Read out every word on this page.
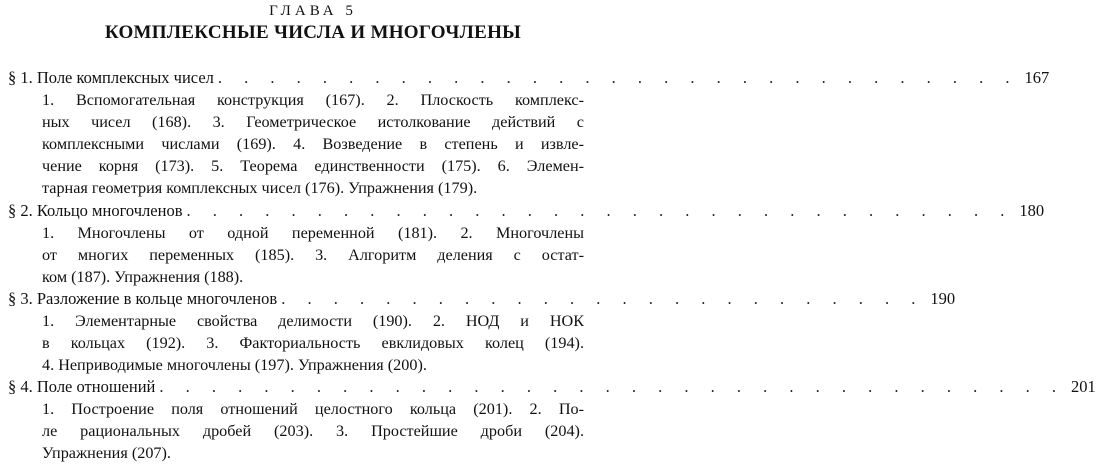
ГЛАВА 5
КОМПЛЕКСНЫЕ ЧИСЛА И МНОГОЧЛЕНЫ
§ 1. Поле комплексных чисел . . . . . . . . . . . . . . . . . . . . . . . . . . . . . . . 167
1. Вспомогательная конструкция (167). 2. Плоскость комплекс-
ных чисел (168). 3. Геометрическое истолкование действий с
комплексными числами (169). 4. Возведение в степень и извле-
чение корня (173). 5. Теорема единственности (175). 6. Элемен-
тарная геометрия комплексных чисел (176). Упражнения (179).
§ 2. Кольцо многочленов . . . . . . . . . . . . . . . . . . . . . . . . . . . . . . . . 180
1. Многочлены от одной переменной (181). 2. Многочлены
от многих переменных (185). 3. Алгоритм деления с остат-
ком (187). Упражнения (188).
§ 3. Разложение в кольце многочленов . . . . . . . . . . . . . . . . . . . . . . . . . 190
1. Элементарные свойства делимости (190). 2. НОД и НОК
в кольцах (192). 3. Факториальность евклидовых колец (194).
4. Неприводимые многочлены (197). Упражнения (200).
§ 4. Поле отношений . . . . . . . . . . . . . . . . . . . . . . . . . . . . . . . . . . . 201
1. Построение поля отношений целостного кольца (201). 2. По-
ле рациональных дробей (203). 3. Простейшие дроби (204).
Упражнения (207).
